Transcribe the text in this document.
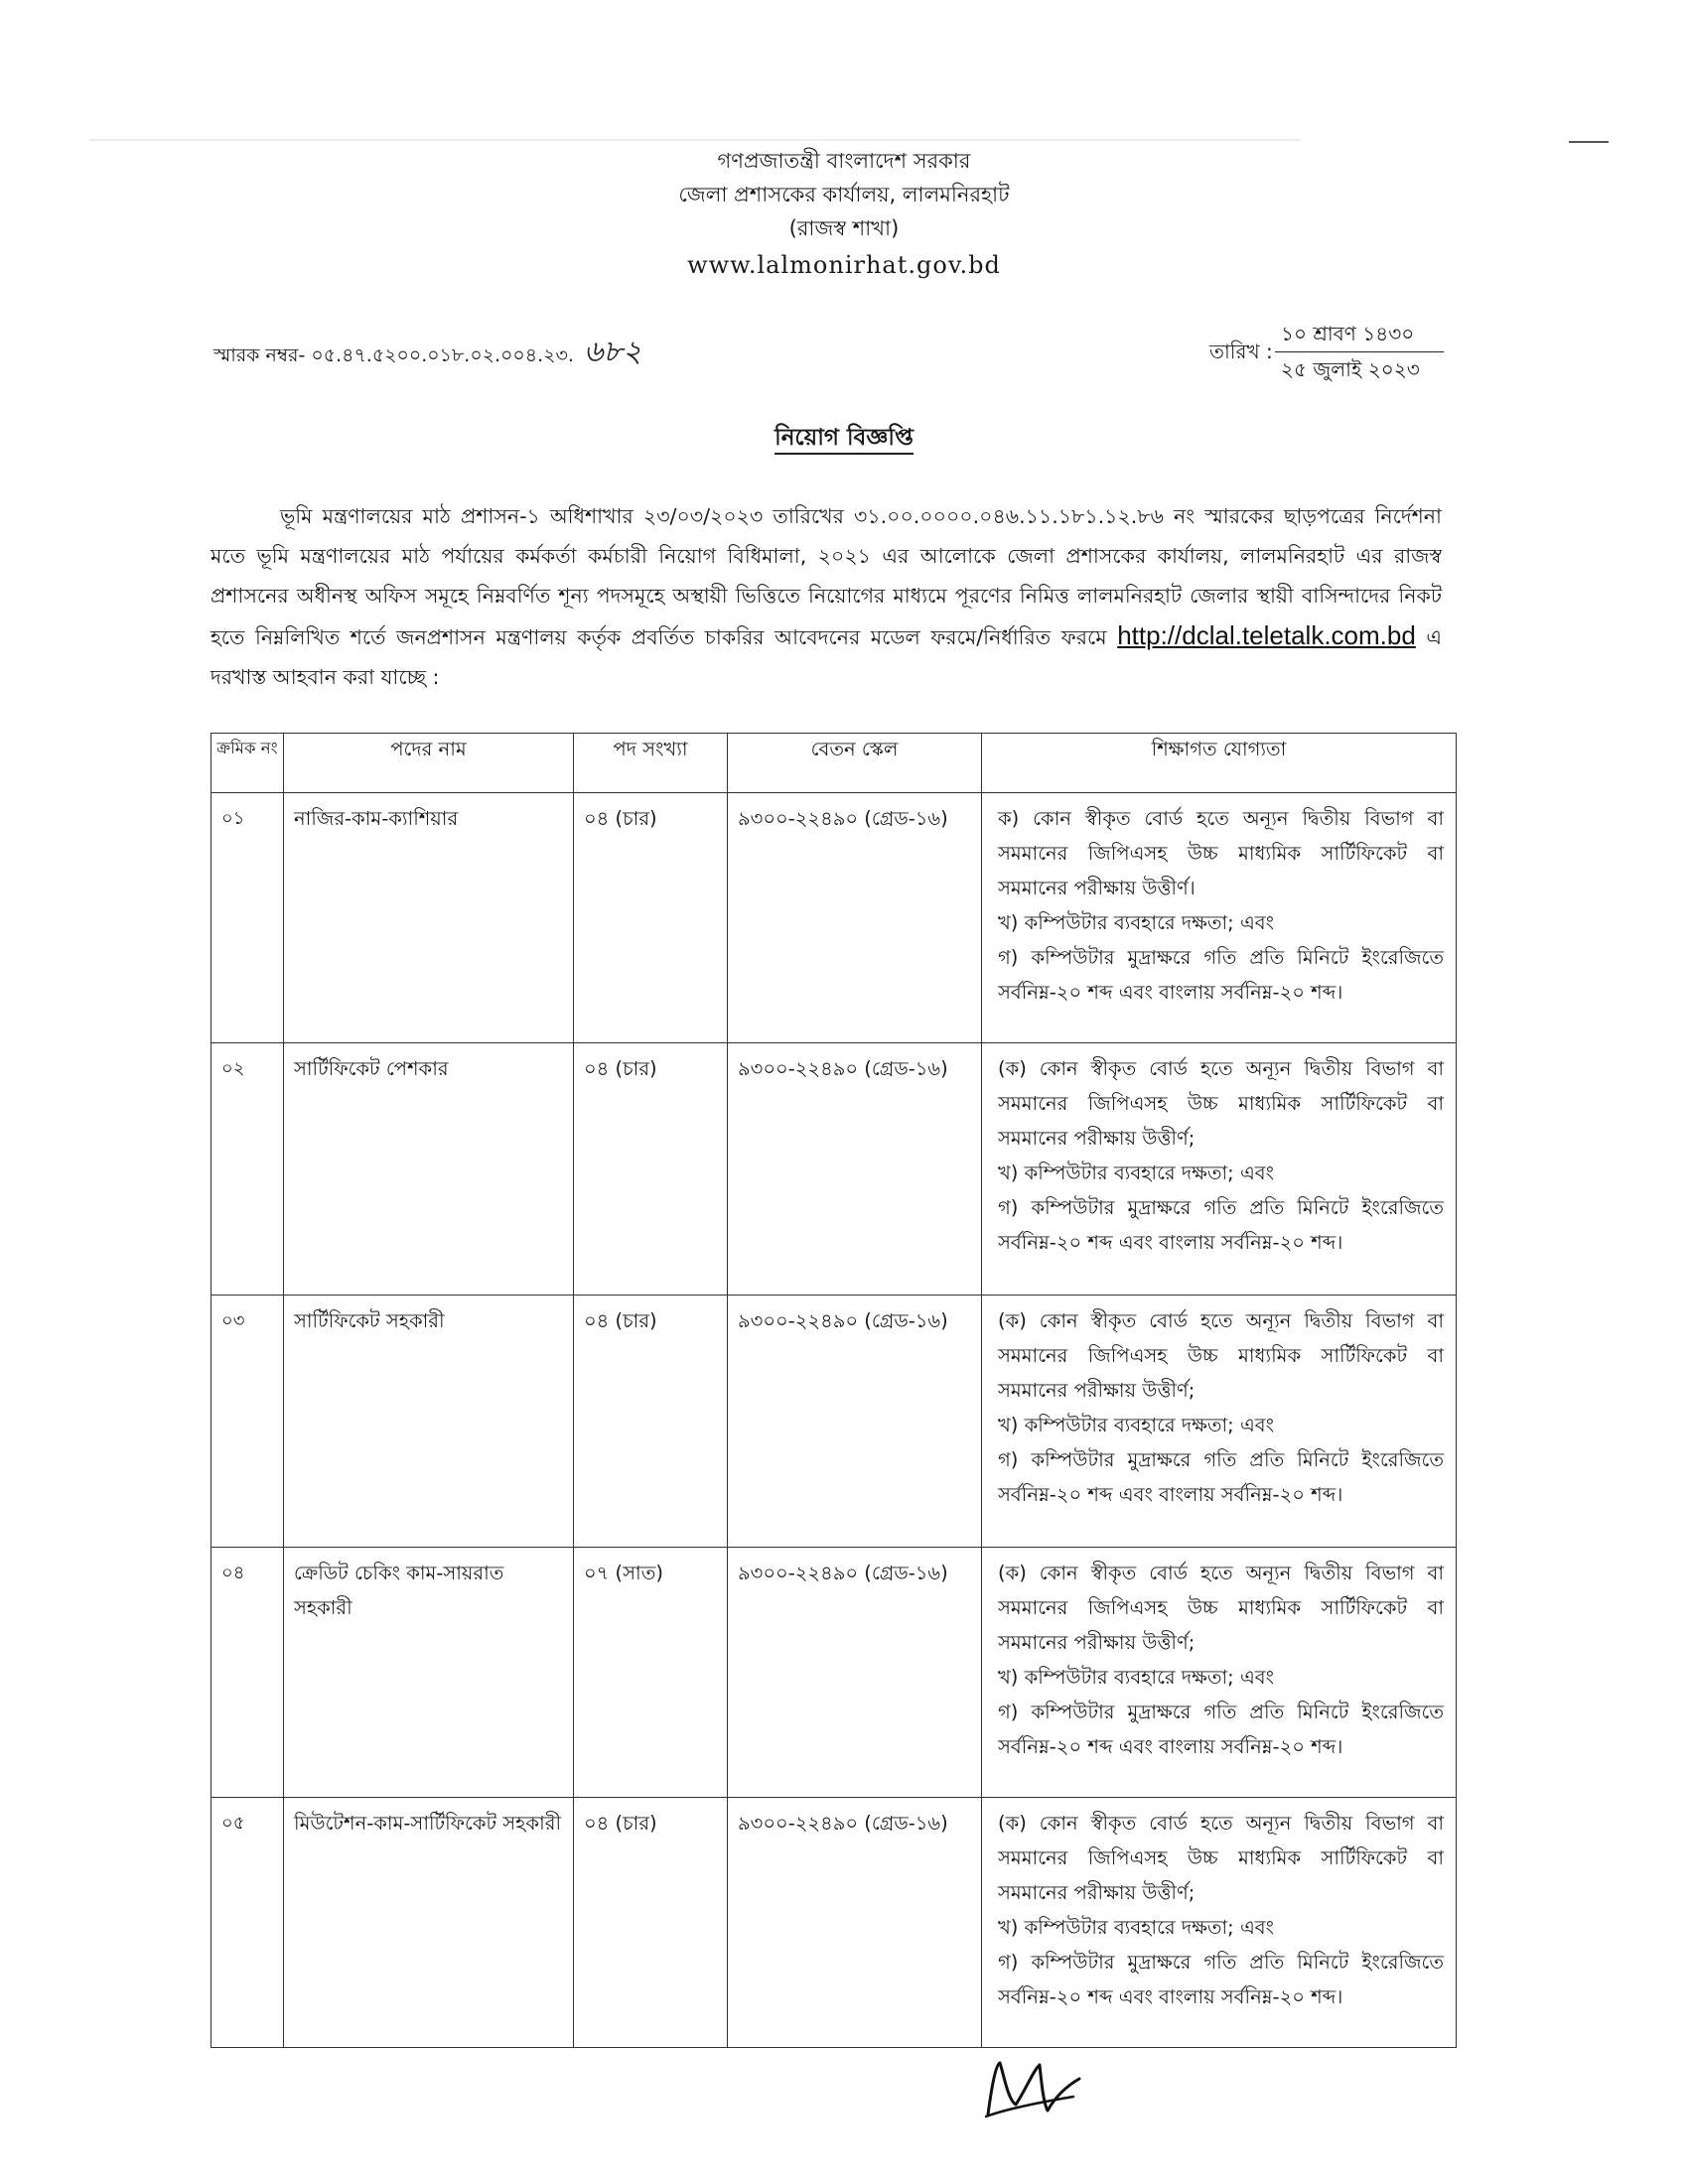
গণপ্রজাতন্ত্রী বাংলাদেশ সরকার
জেলা প্রশাসকের কার্যালয়, লালমনিরহাট
(রাজস্ব শাখা)
www.lalmonirhat.gov.bd
স্মারক নম্বর- ০৫.৪৭.৫২০০.০১৮.০২.০০৪.২৩. ৬৮২	তারিখ :
১০ শ্রাবণ ১৪৩০
২৫ জুলাই ২০২৩
নিয়োগ বিজ্ঞপ্তি
ভূমি মন্ত্রণালয়ের মাঠ প্রশাসন-১ অধিশাখার ২৩/০৩/২০২৩ তারিখের ৩১.০০.০০০০.০৪৬.১১.১৮১.১২.৮৬ নং স্মারকের ছাড়পত্রের নির্দেশনা মতে ভূমি মন্ত্রণালয়ের মাঠ পর্যায়ের কর্মকর্তা কর্মচারী নিয়োগ বিধিমালা, ২০২১ এর আলোকে জেলা প্রশাসকের কার্যালয়, লালমনিরহাট এর রাজস্ব প্রশাসনের অধীনস্থ অফিস সমূহে নিম্নবর্ণিত শূন্য পদসমূহে অস্থায়ী ভিত্তিতে নিয়োগের মাধ্যমে পূরণের নিমিত্ত লালমনিরহাট জেলার স্থায়ী বাসিন্দাদের নিকট হতে নিম্নলিখিত শর্তে জনপ্রশাসন মন্ত্রণালয় কর্তৃক প্রবর্তিত চাকরির আবেদনের মডেল ফরমে/নির্ধারিত ফরমে http://dclal.teletalk.com.bd এ দরখাস্ত আহবান করা যাচ্ছে :
ক্রমিক নং	পদের নাম	পদ সংখ্যা	বেতন স্কেল	শিক্ষাগত যোগ্যতা
০১	নাজির-কাম-ক্যাশিয়ার	০৪ (চার)	৯৩০০-২২৪৯০ (গ্রেড-১৬)	ক) কোন স্বীকৃত বোর্ড হতে অন্যূন দ্বিতীয় বিভাগ বা সমমানের জিপিএসহ উচ্চ মাধ্যমিক সার্টিফিকেট বা সমমানের পরীক্ষায় উত্তীর্ণ।
খ) কম্পিউটার ব্যবহারে দক্ষতা; এবং
গ) কম্পিউটার মুদ্রাক্ষরে গতি প্রতি মিনিটে ইংরেজিতে সর্বনিম্ন-২০ শব্দ এবং বাংলায় সর্বনিম্ন-২০ শব্দ।

০২	সার্টিফিকেট পেশকার	০৪ (চার)	৯৩০০-২২৪৯০ (গ্রেড-১৬)	(ক) কোন স্বীকৃত বোর্ড হতে অন্যূন দ্বিতীয় বিভাগ বা সমমানের জিপিএসহ উচ্চ মাধ্যমিক সার্টিফিকেট বা সমমানের পরীক্ষায় উত্তীর্ণ;
খ) কম্পিউটার ব্যবহারে দক্ষতা; এবং
গ) কম্পিউটার মুদ্রাক্ষরে গতি প্রতি মিনিটে ইংরেজিতে সর্বনিম্ন-২০ শব্দ এবং বাংলায় সর্বনিম্ন-২০ শব্দ।

০৩	সার্টিফিকেট সহকারী	০৪ (চার)	৯৩০০-২২৪৯০ (গ্রেড-১৬)	(ক) কোন স্বীকৃত বোর্ড হতে অন্যূন দ্বিতীয় বিভাগ বা সমমানের জিপিএসহ উচ্চ মাধ্যমিক সার্টিফিকেট বা সমমানের পরীক্ষায় উত্তীর্ণ;
খ) কম্পিউটার ব্যবহারে দক্ষতা; এবং
গ) কম্পিউটার মুদ্রাক্ষরে গতি প্রতি মিনিটে ইংরেজিতে সর্বনিম্ন-২০ শব্দ এবং বাংলায় সর্বনিম্ন-২০ শব্দ।

০৪	ক্রেডিট চেকিং কাম-সায়রাত সহকারী	০৭ (সাত)	৯৩০০-২২৪৯০ (গ্রেড-১৬)	(ক) কোন স্বীকৃত বোর্ড হতে অন্যূন দ্বিতীয় বিভাগ বা সমমানের জিপিএসহ উচ্চ মাধ্যমিক সার্টিফিকেট বা সমমানের পরীক্ষায় উত্তীর্ণ;
খ) কম্পিউটার ব্যবহারে দক্ষতা; এবং
গ) কম্পিউটার মুদ্রাক্ষরে গতি প্রতি মিনিটে ইংরেজিতে সর্বনিম্ন-২০ শব্দ এবং বাংলায় সর্বনিম্ন-২০ শব্দ।

০৫	মিউটেশন-কাম-সার্টিফিকেট সহকারী	০৪ (চার)	৯৩০০-২২৪৯০ (গ্রেড-১৬)	(ক) কোন স্বীকৃত বোর্ড হতে অন্যূন দ্বিতীয় বিভাগ বা সমমানের জিপিএসহ উচ্চ মাধ্যমিক সার্টিফিকেট বা সমমানের পরীক্ষায় উত্তীর্ণ;
খ) কম্পিউটার ব্যবহারে দক্ষতা; এবং
গ) কম্পিউটার মুদ্রাক্ষরে গতি প্রতি মিনিটে ইংরেজিতে সর্বনিম্ন-২০ শব্দ এবং বাংলায় সর্বনিম্ন-২০ শব্দ।
